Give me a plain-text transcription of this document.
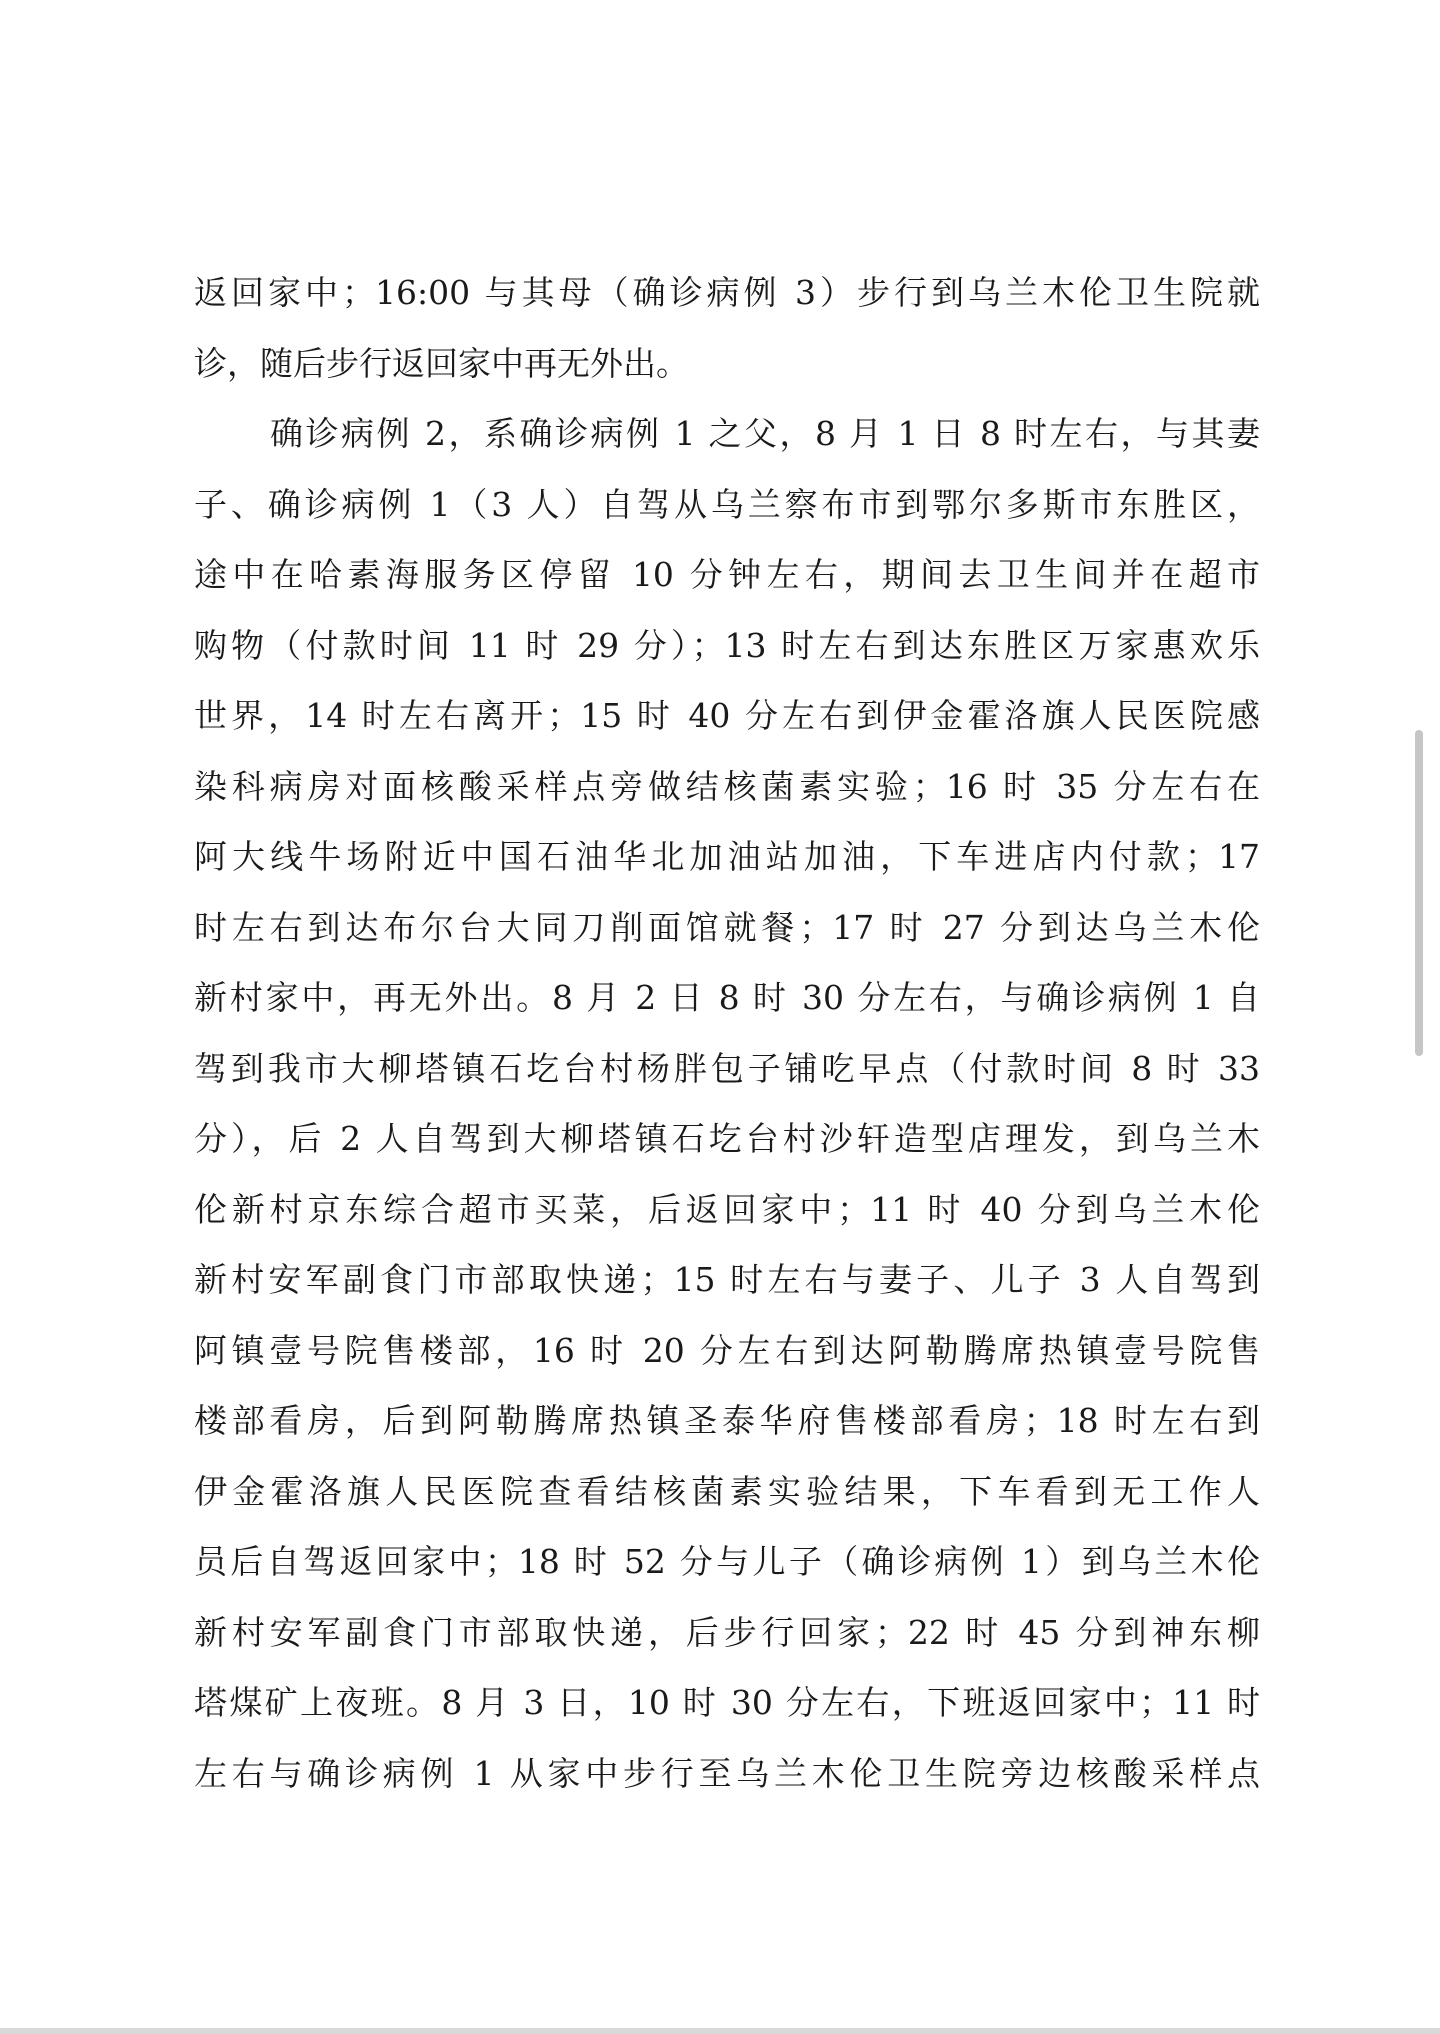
返回家中；16:00 与其母（确诊病例 3）步行到乌兰木伦卫生院就
诊，随后步行返回家中再无外出。
确诊病例 2，系确诊病例 1 之父，8 月 1 日 8 时左右，与其妻
子、确诊病例 1（3 人）自驾从乌兰察布市到鄂尔多斯市东胜区，
途中在哈素海服务区停留 10 分钟左右，期间去卫生间并在超市
购物（付款时间 11 时 29 分）；13 时左右到达东胜区万家惠欢乐
世界，14 时左右离开；15 时 40 分左右到伊金霍洛旗人民医院感
染科病房对面核酸采样点旁做结核菌素实验；16 时 35 分左右在
阿大线牛场附近中国石油华北加油站加油，下车进店内付款；17
时左右到达布尔台大同刀削面馆就餐；17 时 27 分到达乌兰木伦
新村家中，再无外出。8 月 2 日 8 时 30 分左右，与确诊病例 1 自
驾到我市大柳塔镇石圪台村杨胖包子铺吃早点（付款时间 8 时 33
分），后 2 人自驾到大柳塔镇石圪台村沙轩造型店理发，到乌兰木
伦新村京东综合超市买菜，后返回家中；11 时 40 分到乌兰木伦
新村安军副食门市部取快递；15 时左右与妻子、儿子 3 人自驾到
阿镇壹号院售楼部，16 时 20 分左右到达阿勒腾席热镇壹号院售
楼部看房，后到阿勒腾席热镇圣泰华府售楼部看房；18 时左右到
伊金霍洛旗人民医院查看结核菌素实验结果，下车看到无工作人
员后自驾返回家中；18 时 52 分与儿子（确诊病例 1）到乌兰木伦
新村安军副食门市部取快递，后步行回家；22 时 45 分到神东柳
塔煤矿上夜班。8 月 3 日，10 时 30 分左右，下班返回家中；11 时
左右与确诊病例 1 从家中步行至乌兰木伦卫生院旁边核酸采样点
